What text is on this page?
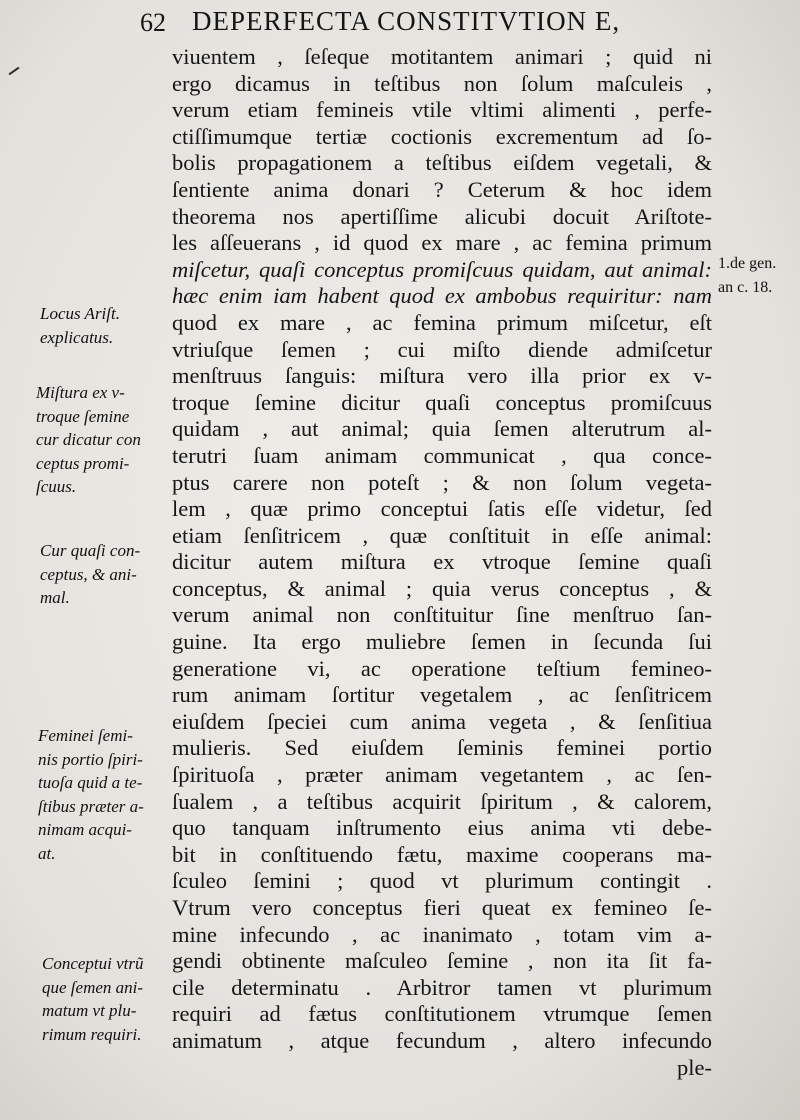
62 DEPERFECTA CONSTITVTION E,
viuentem , ſeſeque motitantem animari ; quid ni
ergo dicamus in teſtibus non ſolum maſculeis ,
verum etiam femineis vtile vltimi alimenti , perfe-
ctiſſimumque tertiæ coctionis excrementum ad ſo-
bolis propagationem a teſtibus eiſdem vegetali, &
ſentiente anima donari ? Ceterum & hoc idem
theorema nos apertiſſime alicubi docuit Ariſtote-
les aſſeuerans , id quod ex mare , ac femina primum
miſcetur, quaſi conceptus promiſcuus quidam, aut animal:
hæc enim iam habent quod ex ambobus requiritur: nam
quod ex mare , ac femina primum miſcetur, eſt
vtriuſque ſemen ; cui miſto diende admiſcetur
menſtruus ſanguis: miſtura vero illa prior ex v-
troque ſemine dicitur quaſi conceptus promiſcuus
quidam , aut animal; quia ſemen alterutrum al-
terutri ſuam animam communicat , qua conce-
ptus carere non poteſt ; & non ſolum vegeta-
lem , quæ primo conceptui ſatis eſſe videtur, ſed
etiam ſenſitricem , quæ conſtituit in eſſe animal:
dicitur autem miſtura ex vtroque ſemine quaſi
conceptus, & animal ; quia verus conceptus , &
verum animal non conſtituitur ſine menſtruo ſan-
guine. Ita ergo muliebre ſemen in ſecunda ſui
generatione vi, ac operatione teſtium femineo-
rum animam ſortitur vegetalem , ac ſenſitricem
eiuſdem ſpeciei cum anima vegeta , & ſenſitiua
mulieris. Sed eiuſdem ſeminis feminei portio
ſpirituoſa , præter animam vegetantem , ac ſen-
ſualem , a teſtibus acquirit ſpiritum , & calorem,
quo tanquam inſtrumento eius anima vti debe-
bit in conſtituendo fætu, maxime cooperans ma-
ſculeo ſemini ; quod vt plurimum contingit .
Vtrum vero conceptus fieri queat ex femineo ſe-
mine infecundo , ac inanimato , totam vim a-
gendi obtinente maſculeo ſemine , non ita ſit fa-
cile determinatu . Arbitror tamen vt plurimum
requiri ad fætus conſtitutionem vtrumque ſemen
animatum , atque fecundum , altero infecundo
ple-
Locus Ariſt.
explicatus.
Miſtura ex v-
troque ſemine
cur dicatur con
ceptus promi-
ſcuus.
Cur quaſi con-
ceptus, & ani-
mal.
Feminei ſemi-
nis portio ſpiri-
tuoſa quid a te-
ſtibus præter a-
nimam acqui-
at.
Conceptui vtrũ
que ſemen ani-
matum vt plu-
rimum requiri.
1.de gen.
an c. 18.
